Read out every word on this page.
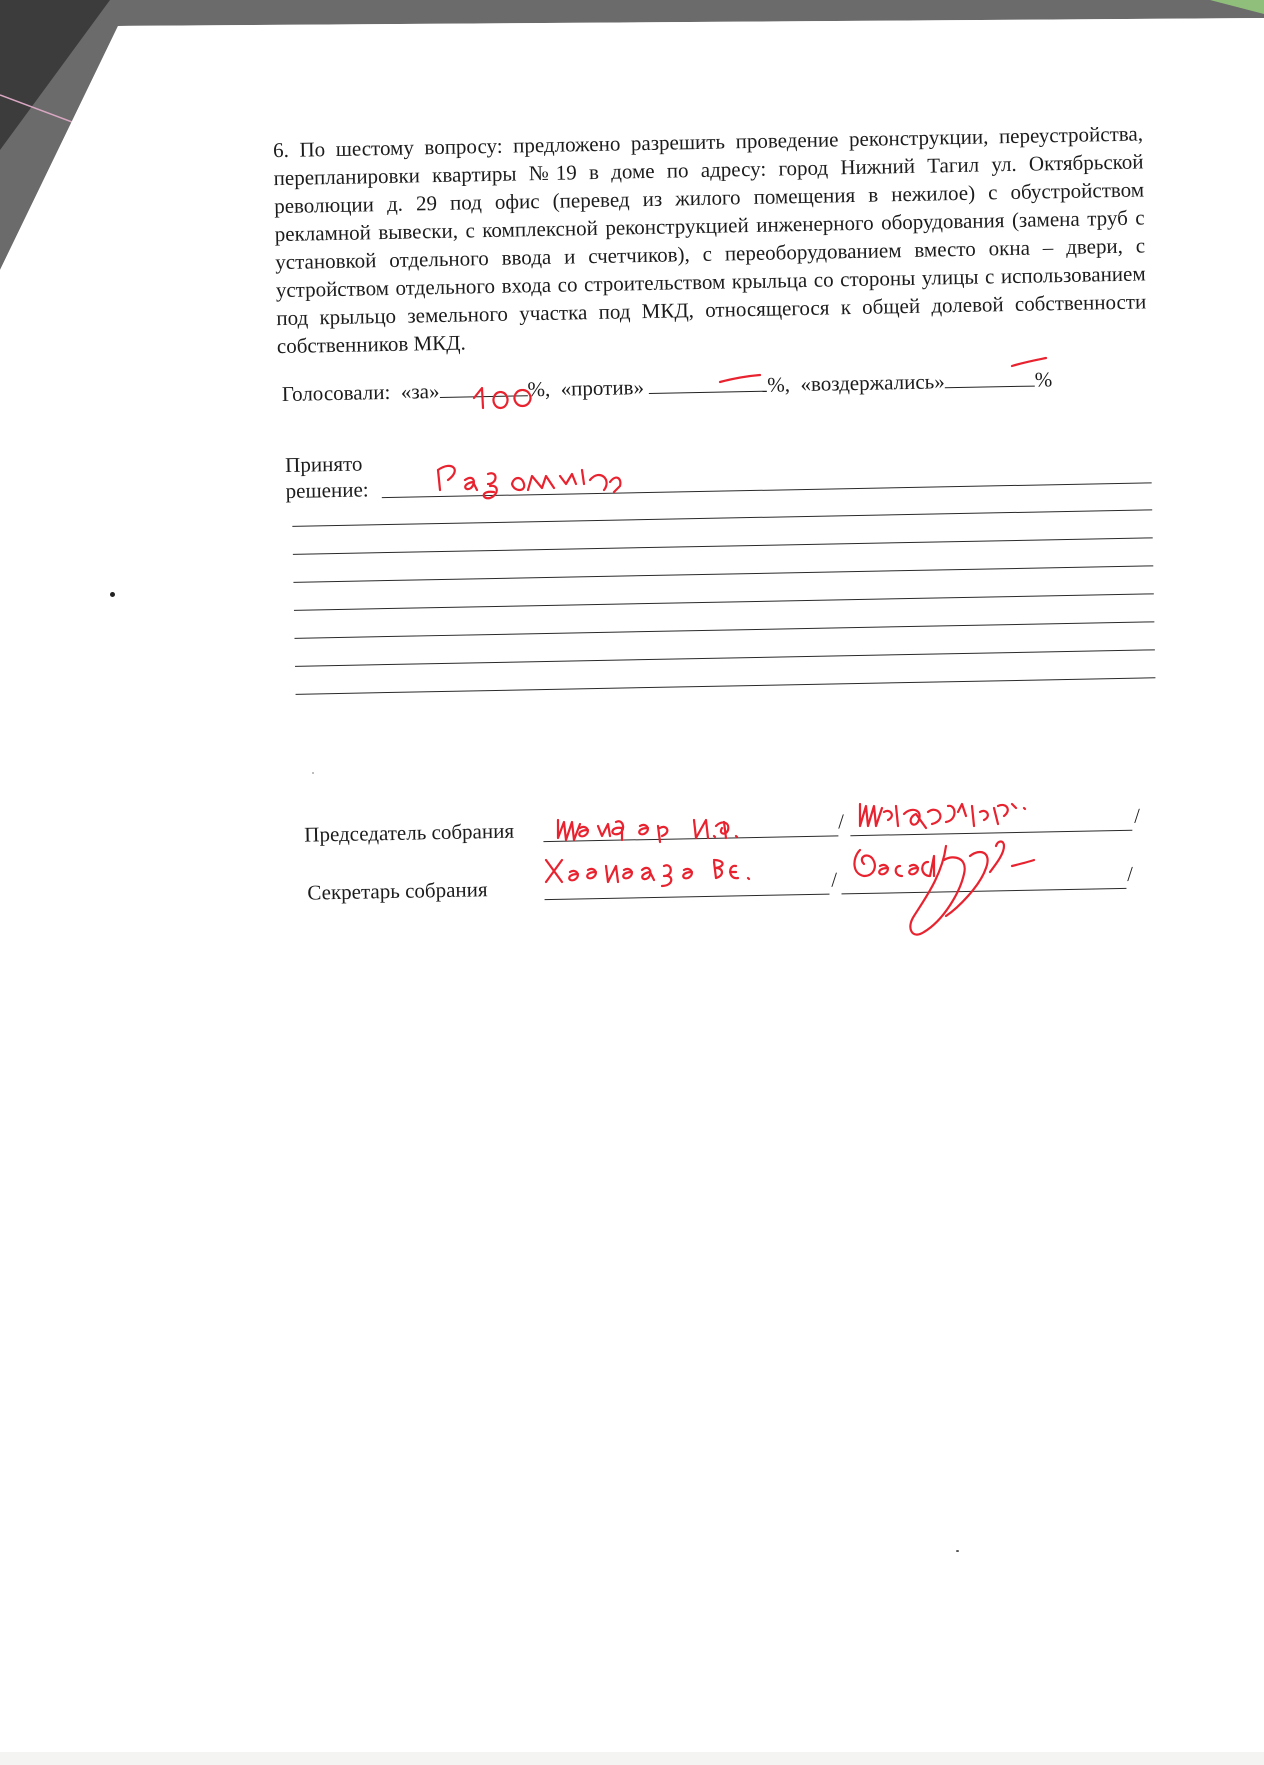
6. По шестому вопросу: предложено разрешить проведение реконструкции, переустройства, перепланировки квартиры №19 в доме по адресу: город Нижний Тагил ул. Октябрьской революции д. 29 под офис (перевед из жилого помещения в нежилое) с обустройством рекламной вывески, с комплексной реконструкцией инженерного оборудования (замена труб с установкой отдельного ввода и счетчиков), с переоборудованием вместо окна – двери, с устройством отдельного входа со строительством крыльца со стороны улицы с использованием под крыльцо земельного участка под МКД, относящегося к общей долевой собственности собственников МКД.

Голосовали: «за»	%,  «против»	%,  «воздержались»	%
Принято
решение:
Председатель собрания	/	/
Секретарь собрания	/	/
